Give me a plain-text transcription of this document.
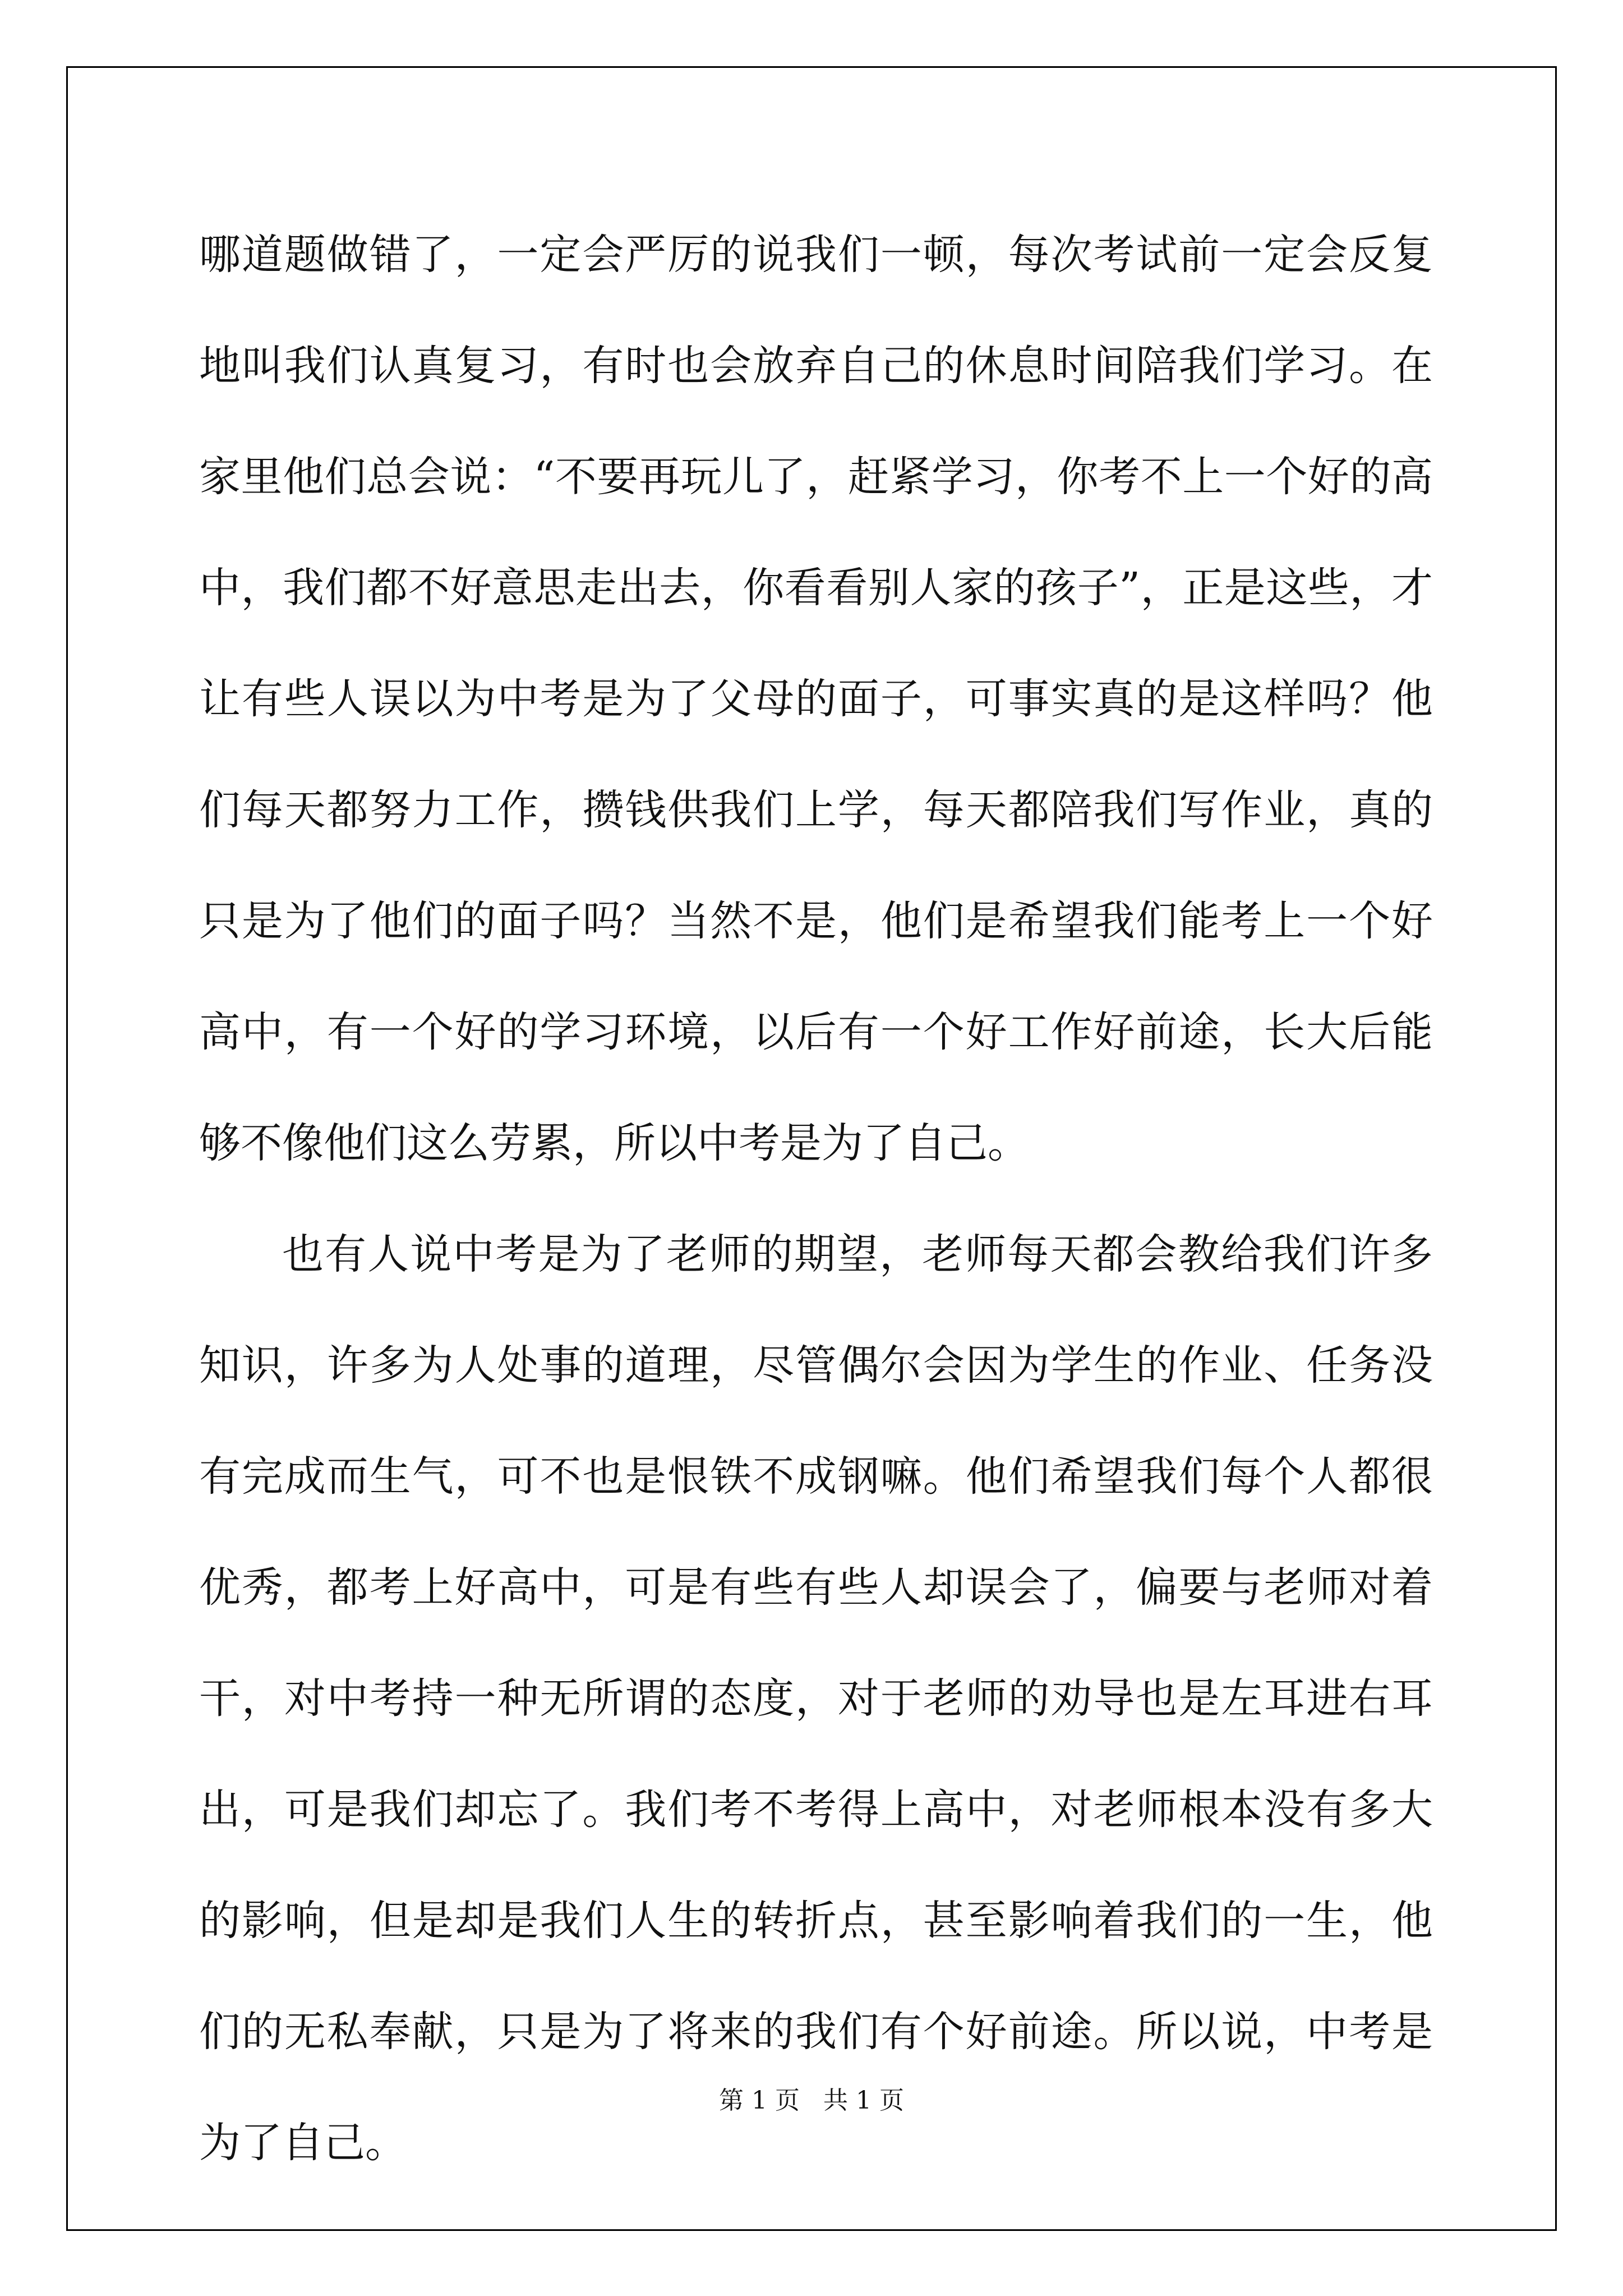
哪道题做错了，一定会严厉的说我们一顿，每次考试前一定会反复地叫我们认真复习，有时也会放弃自己的休息时间陪我们学习。在家里他们总会说：“不要再玩儿了，赶紧学习，你考不上一个好的高中，我们都不好意思走出去，你看看别人家的孩子”，正是这些，才让有些人误以为中考是为了父母的面子，可事实真的是这样吗？他们每天都努力工作，攒钱供我们上学，每天都陪我们写作业，真的只是为了他们的面子吗？当然不是，他们是希望我们能考上一个好高中，有一个好的学习环境，以后有一个好工作好前途，长大后能够不像他们这么劳累，所以中考是为了自己。

也有人说中考是为了老师的期望，老师每天都会教给我们许多知识，许多为人处事的道理，尽管偶尔会因为学生的作业、任务没有完成而生气，可不也是恨铁不成钢嘛。他们希望我们每个人都很优秀，都考上好高中，可是有些有些人却误会了，偏要与老师对着干，对中考持一种无所谓的态度，对于老师的劝导也是左耳进右耳出，可是我们却忘了。我们考不考得上高中，对老师根本没有多大的影响，但是却是我们人生的转折点，甚至影响着我们的一生，他们的无私奉献，只是为了将来的我们有个好前途。所以说，中考是为了自己。

第 1 页   共 1 页
